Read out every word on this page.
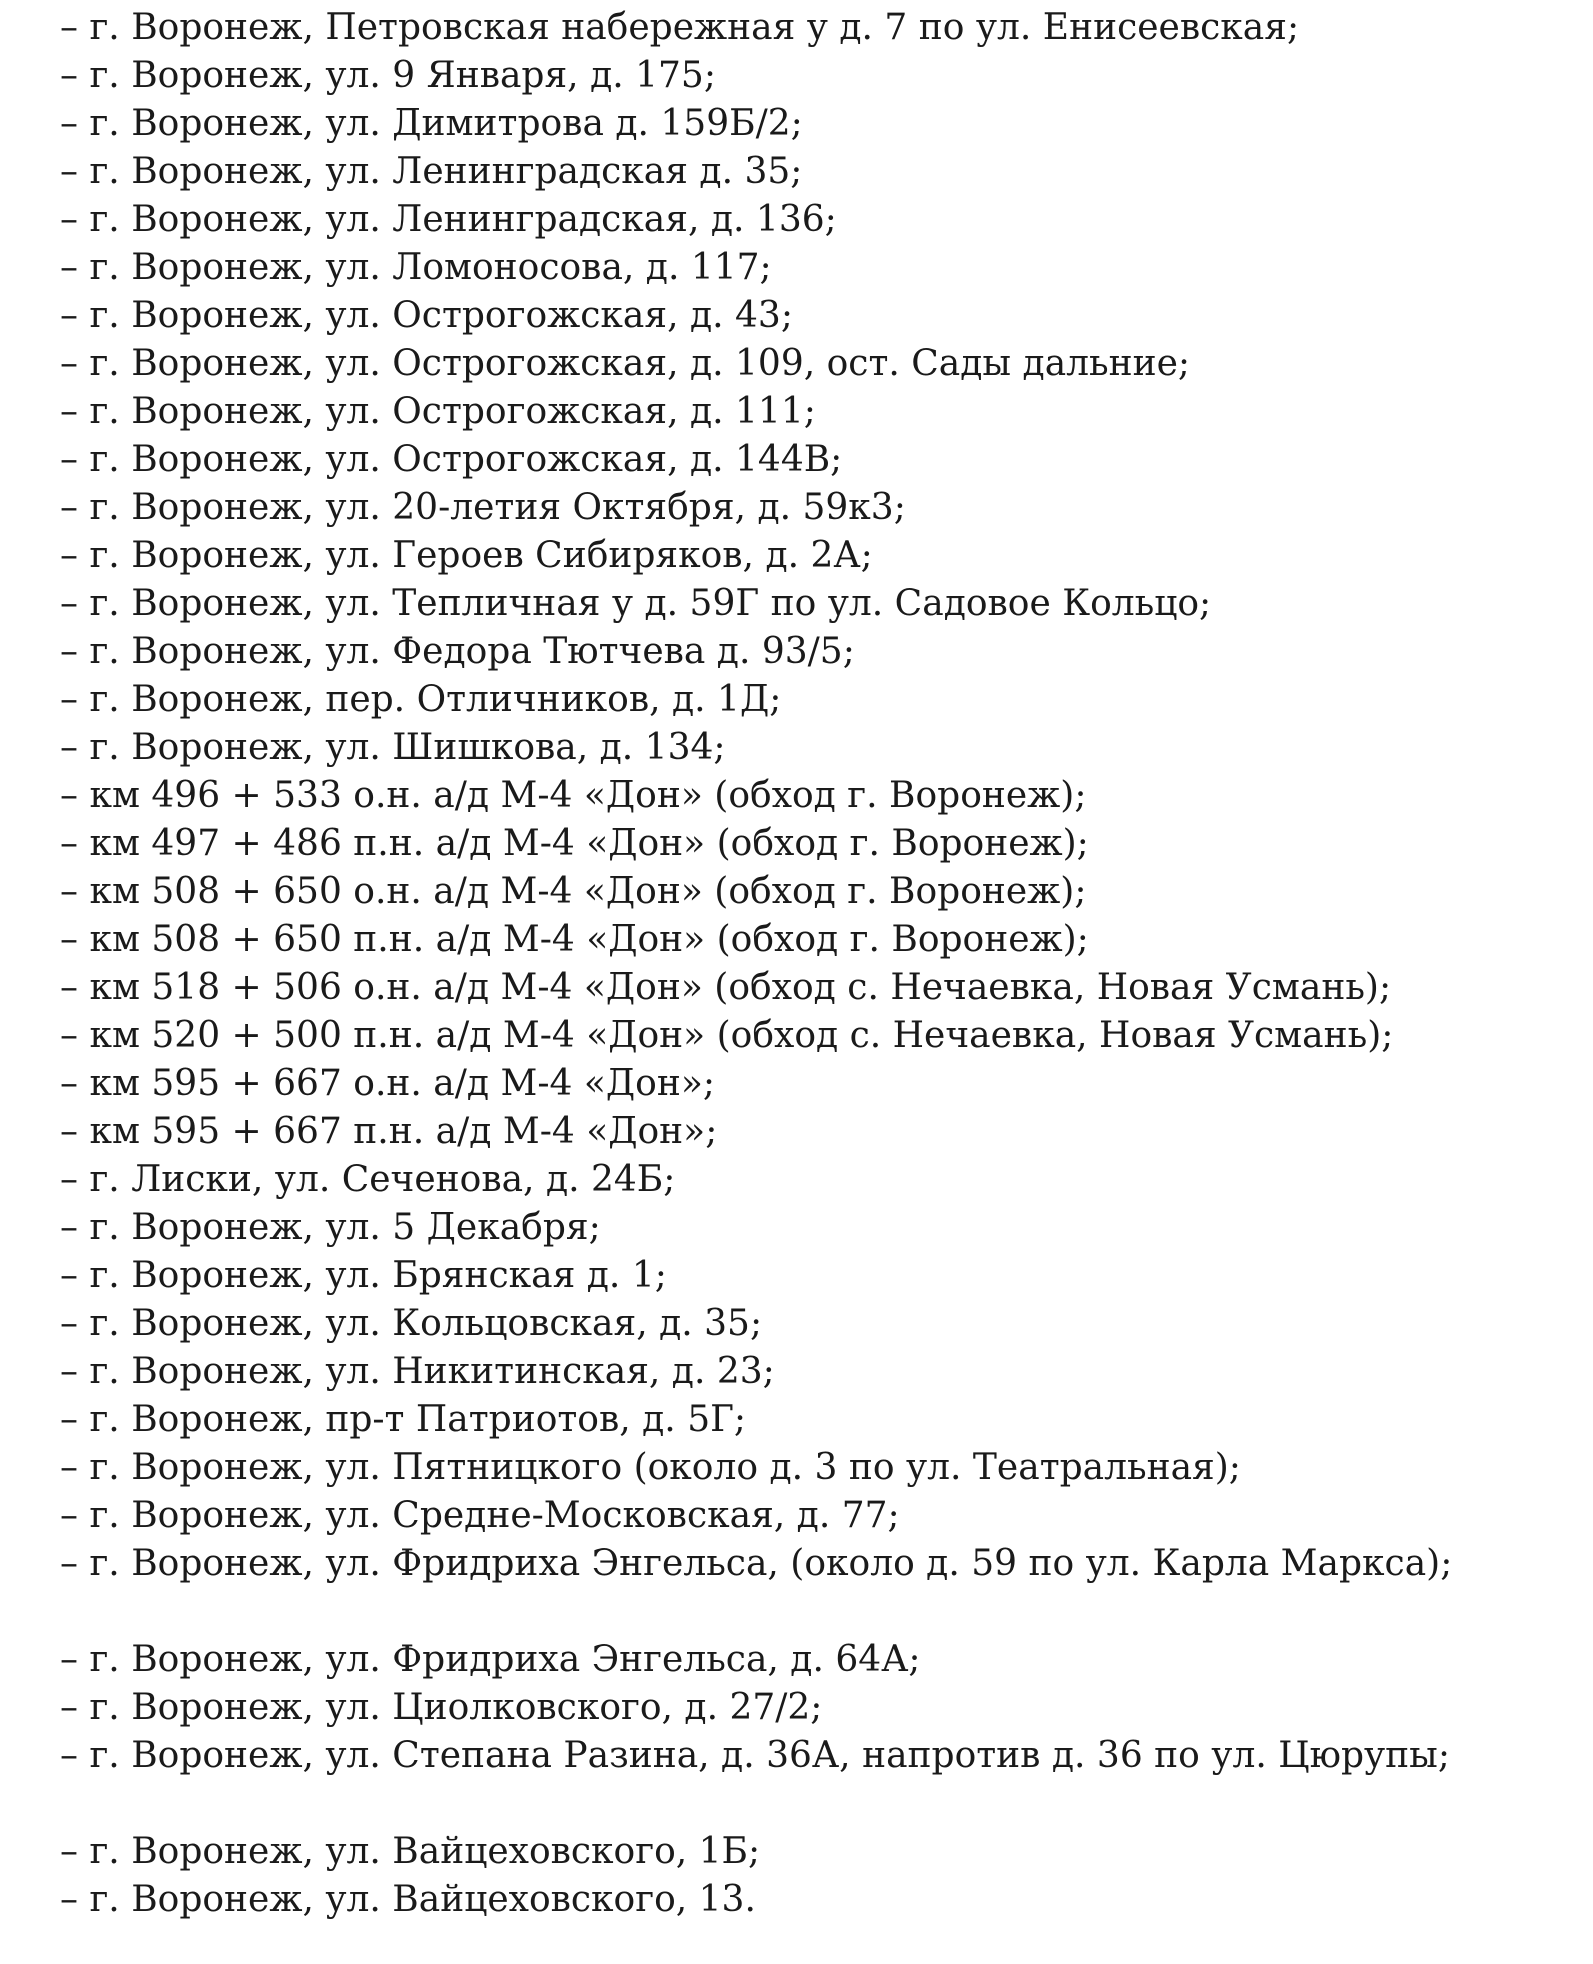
– г. Воронеж, Петровская набережная у д. 7 по ул. Енисеевская;
– г. Воронеж, ул. 9 Января, д. 175;
– г. Воронеж, ул. Димитрова д. 159Б/2;
– г. Воронеж, ул. Ленинградская д. 35;
– г. Воронеж, ул. Ленинградская, д. 136;
– г. Воронеж, ул. Ломоносова, д. 117;
– г. Воронеж, ул. Острогожская, д. 43;
– г. Воронеж, ул. Острогожская, д. 109, ост. Сады дальние;
– г. Воронеж, ул. Острогожская, д. 111;
– г. Воронеж, ул. Острогожская, д. 144В;
– г. Воронеж, ул. 20-летия Октября, д. 59к3;
– г. Воронеж, ул. Героев Сибиряков, д. 2А;
– г. Воронеж, ул. Тепличная у д. 59Г по ул. Садовое Кольцо;
– г. Воронеж, ул. Федора Тютчева д. 93/5;
– г. Воронеж, пер. Отличников, д. 1Д;
– г. Воронеж, ул. Шишкова, д. 134;
– км 496 + 533 о.н. а/д М-4 «Дон» (обход г. Воронеж);
– км 497 + 486 п.н. а/д М-4 «Дон» (обход г. Воронеж);
– км 508 + 650 о.н. а/д М-4 «Дон» (обход г. Воронеж);
– км 508 + 650 п.н. а/д М-4 «Дон» (обход г. Воронеж);
– км 518 + 506 о.н. а/д М-4 «Дон» (обход с. Нечаевка, Новая Усмань);
– км 520 + 500 п.н. а/д М-4 «Дон» (обход с. Нечаевка, Новая Усмань);
– км 595 + 667 о.н. а/д М-4 «Дон»;
– км 595 + 667 п.н. а/д М-4 «Дон»;
– г. Лиски, ул. Сеченова, д. 24Б;
– г. Воронеж, ул. 5 Декабря;
– г. Воронеж, ул. Брянская д. 1;
– г. Воронеж, ул. Кольцовская, д. 35;
– г. Воронеж, ул. Никитинская, д. 23;
– г. Воронеж, пр-т Патриотов, д. 5Г;
– г. Воронеж, ул. Пятницкого (около д. 3 по ул. Театральная);
– г. Воронеж, ул. Средне-Московская, д. 77;
– г. Воронеж, ул. Фридриха Энгельса, (около д. 59 по ул. Карла Маркса);
– г. Воронеж, ул. Фридриха Энгельса, д. 64А;
– г. Воронеж, ул. Циолковского, д. 27/2;
– г. Воронеж, ул. Степана Разина, д. 36А, напротив д. 36 по ул. Цюрупы;
– г. Воронеж, ул. Вайцеховского, 1Б;
– г. Воронеж, ул. Вайцеховского, 13.
